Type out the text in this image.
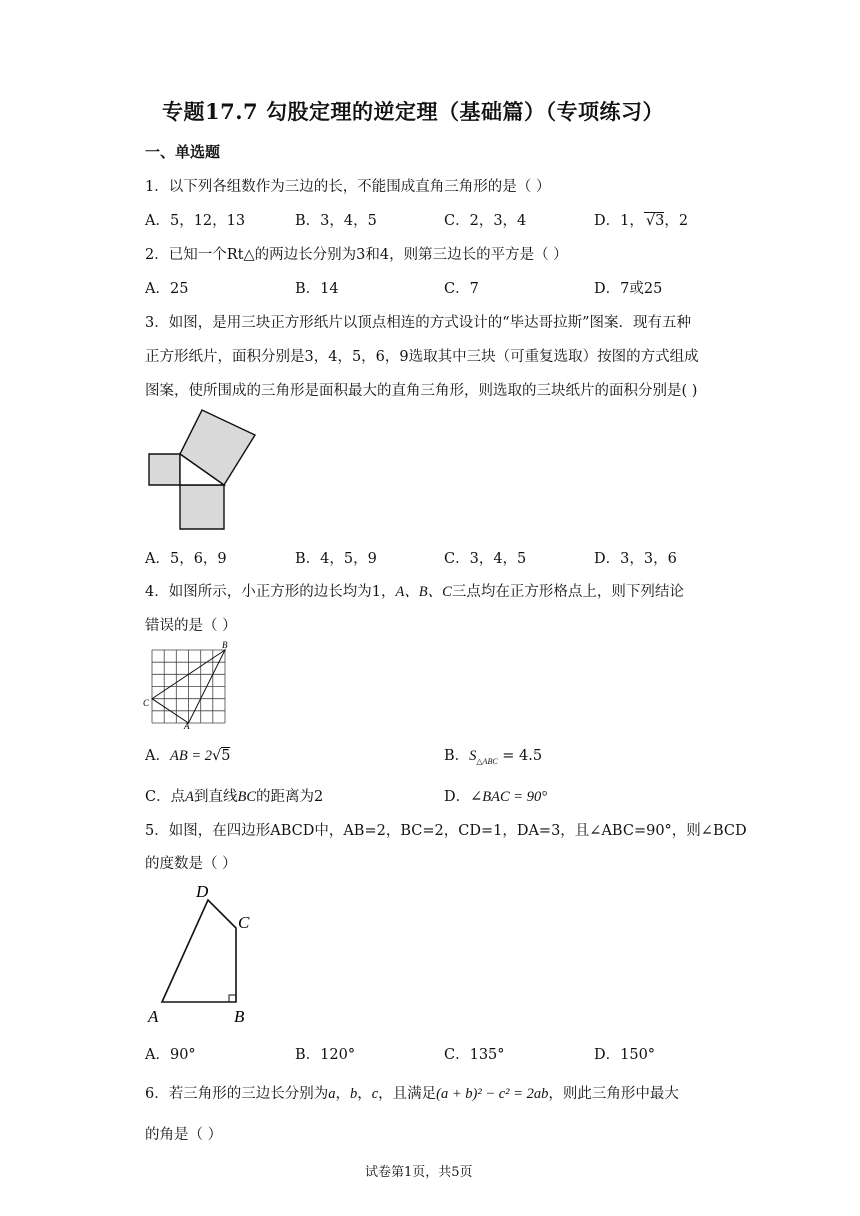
专题17.7 勾股定理的逆定理（基础篇）（专项练习）
一、单选题
1．以下列各组数作为三边的长，不能围成直角三角形的是（ ）
A．5，12，13	B．3，4，5	C．2，3，4	D．1， √3，2
2．已知一个Rt△的两边长分别为3和4，则第三边长的平方是（ ）
A．25	B．14	C．7	D．7或25
3．如图，是用三块正方形纸片以顶点相连的方式设计的“毕达哥拉斯”图案．现有五种
正方形纸片，面积分别是3，4，5，6，9选取其中三块（可重复选取）按图的方式组成
图案，使所围成的三角形是面积最大的直角三角形，则选取的三块纸片的面积分别是( )
A．5，6，9	B．4，5，9	C．3，4，5	D．3，3，6
4．如图所示，小正方形的边长均为1，A、B、C三点均在正方形格点上，则下列结论
错误的是（ ）
B
C
A
A．AB = 2√5	B．$S_{\triangle ABC} = 4.5$
C．点A到直线BC的距离为2	D．∠BAC = 90°
5．如图，在四边形ABCD中，AB=2，BC=2，CD=1，DA=3，且∠ABC=90°，则∠BCD
的度数是（ ）
D
C
A	B
A．90°	B．120°	C．135°	D．150°
6．若三角形的三边长分别为a，b，c，且满足(a + b)² − c² = 2ab，则此三角形中最大
的角是（ ）
试卷第1页，共5页
